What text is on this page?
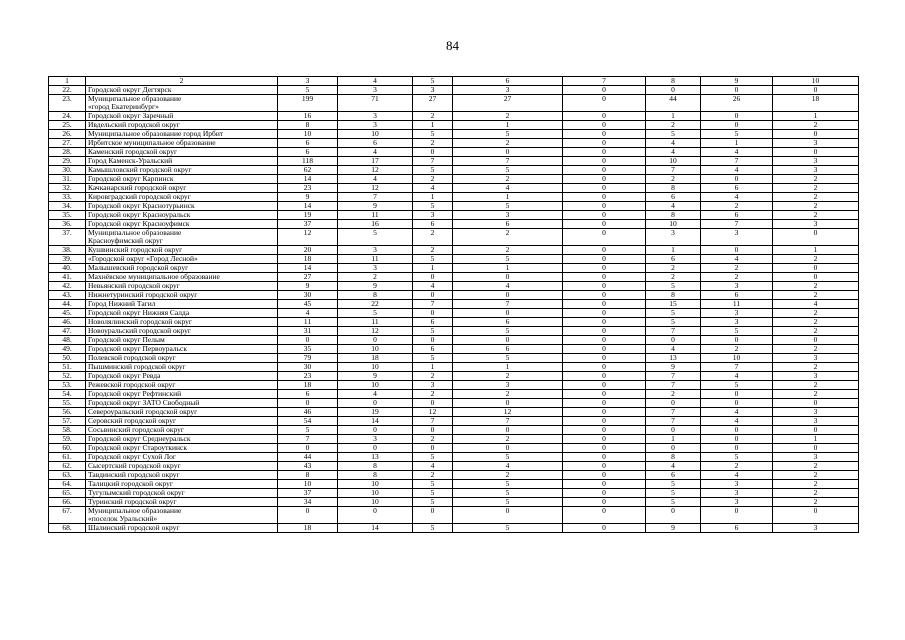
84
1	2	3	4	5	6	7	8	9	10
22.	Городской округ Дегтярск	5	3	3	3	0	0	0	0
23.	Муниципальное образование
«город Екатеринбург»	199	71	27	27	0	44	26	18
24.	Городской округ Заречный	16	3	2	2	0	1	0	1
25.	Ивдельский городской округ	8	3	1	1	0	2	0	2
26.	Муниципальное образование город Ирбит	10	10	5	5	0	5	5	0
27.	Ирбитское муниципальное образование	6	6	2	2	0	4	1	3
28.	Каменский городской округ	6	4	0	0	0	4	4	0
29.	Город Каменск-Уральский	118	17	7	7	0	10	7	3
30.	Камышловский городской округ	62	12	5	5	0	7	4	3
31.	Городской округ Карпинск	14	4	2	2	0	2	0	2
32.	Качканарский городской округ	23	12	4	4	0	8	6	2
33.	Кировградский городской округ	9	7	1	1	0	6	4	2
34.	Городской округ Краснотурьинск	14	9	5	5	0	4	2	2
35.	Городской округ Красноуральск	19	11	3	3	0	8	6	2
36.	Городской округ Красноуфимск	37	16	6	6	0	10	7	3
37.	Муниципальное образование
Красноуфимский округ	12	5	2	2	0	3	3	0
38.	Кушвинский городской округ	20	3	2	2	0	1	0	1
39.	«Городской округ «Город Лесной»	18	11	5	5	0	6	4	2
40.	Малышевский городской округ	14	3	1	1	0	2	2	0
41.	Махнёвское муниципальное образование	27	2	0	0	0	2	2	0
42.	Невьянский городской округ	9	9	4	4	0	5	3	2
43.	Нижнетуринский городской округ	30	8	0	0	0	8	6	2
44.	Город Нижний Тагил	45	22	7	7	0	15	11	4
45.	Городской округ Нижняя Салда	4	5	0	0	0	5	3	2
46.	Новолялинский городской округ	11	11	6	6	0	5	3	2
47.	Новоуральский городской округ	31	12	5	5	0	7	5	2
48.	Городской округ Пелым	0	0	0	0	0	0	0	0
49.	Городской округ Первоуральск	35	10	6	6	0	4	2	2
50.	Полевской городской округ	79	18	5	5	0	13	10	3
51.	Пышминский городской округ	30	10	1	1	0	9	7	2
52.	Городской округ Ревда	23	9	2	2	0	7	4	3
53.	Режевской городской округ	18	10	3	3	0	7	5	2
54.	Городской округ Рефтинский	6	4	2	2	0	2	0	2
55.	Городской округ ЗАТО Свободный	0	0	0	0	0	0	0	0
56.	Североуральский городской округ	46	19	12	12	0	7	4	3
57.	Серовский городской округ	54	14	7	7	0	7	4	3
58.	Сосьвинский городской округ	5	0	0	0	0	0	0	0
59.	Городской округ Среднеуральск	7	3	2	2	0	1	0	1
60.	Городской округ Староуткинск	0	0	0	0	0	0	0	0
61.	Городской округ Сухой Лог	44	13	5	5	0	8	5	3
62.	Сысертский городской округ	43	8	4	4	0	4	2	2
63.	Тавдинский городской округ	8	8	2	2	0	6	4	2
64.	Талицкий городской округ	10	10	5	5	0	5	3	2
65.	Тугулымский городской округ	37	10	5	5	0	5	3	2
66.	Туринский городской округ	34	10	5	5	0	5	3	2
67.	Муниципальное образование
«поселок Уральский»	0	0	0	0	0	0	0	0
68.	Шалинский городской округ	18	14	5	5	0	9	6	3
